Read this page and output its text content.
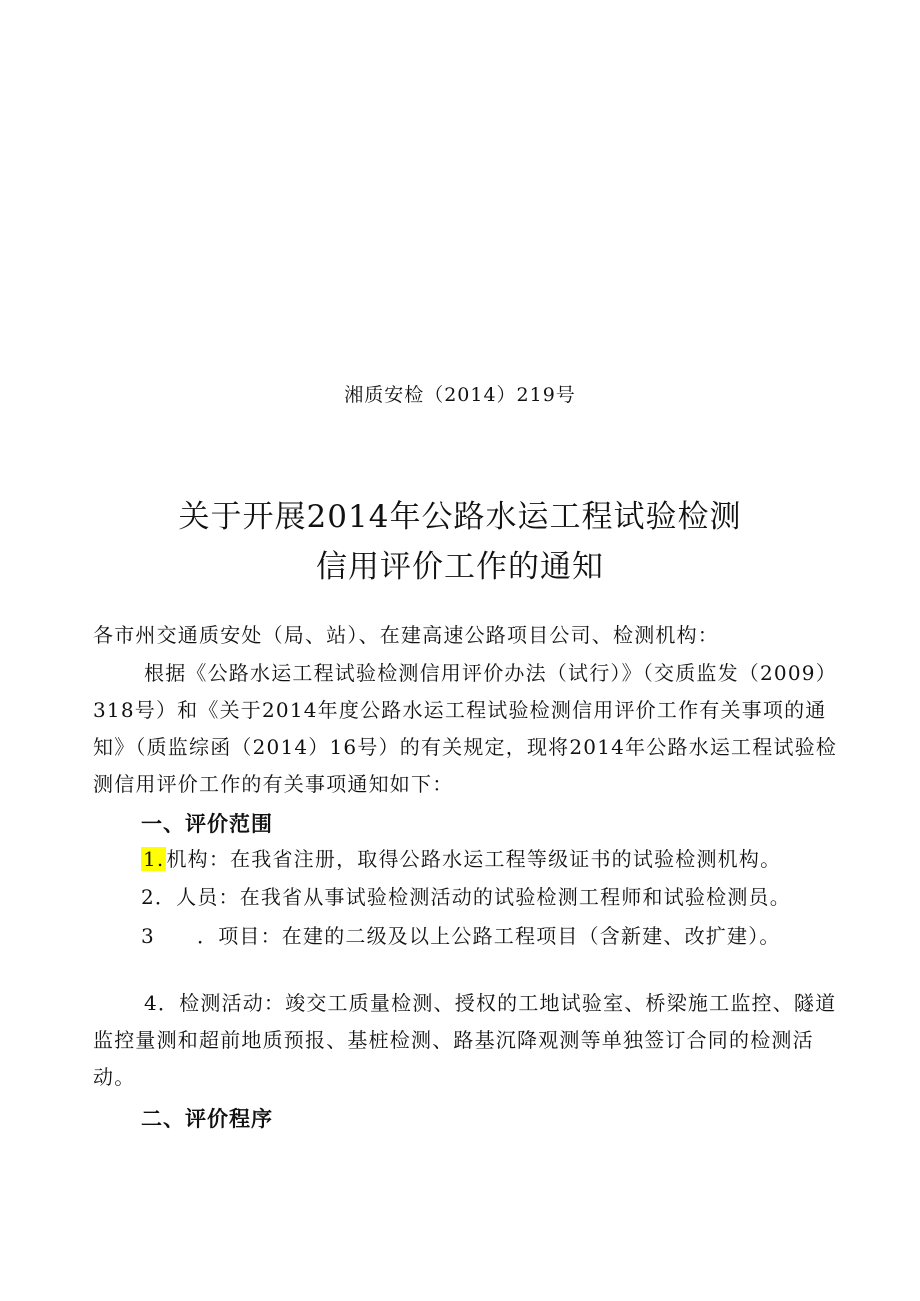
湘质安检（2014）219号
关于开展2014年公路水运工程试验检测
信用评价工作的通知
各市州交通质安处（局、站）、在建高速公路项目公司、检测机构：
根据《公路水运工程试验检测信用评价办法（试行）》（交质监发（2009）318号）和《关于2014年度公路水运工程试验检测信用评价工作有关事项的通知》（质监综函（2014）16号）的有关规定，现将2014年公路水运工程试验检测信用评价工作的有关事项通知如下：
一、评价范围
1. 机构：在我省注册，取得公路水运工程等级证书的试验检测机构。
2．人员：在我省从事试验检测活动的试验检测工程师和试验检测员。
3 ．项目：在建的二级及以上公路工程项目（含新建、改扩建）。
4．检测活动：竣交工质量检测、授权的工地试验室、桥梁施工监控、隧道监控量测和超前地质预报、基桩检测、路基沉降观测等单独签订合同的检测活动。
二、评价程序
